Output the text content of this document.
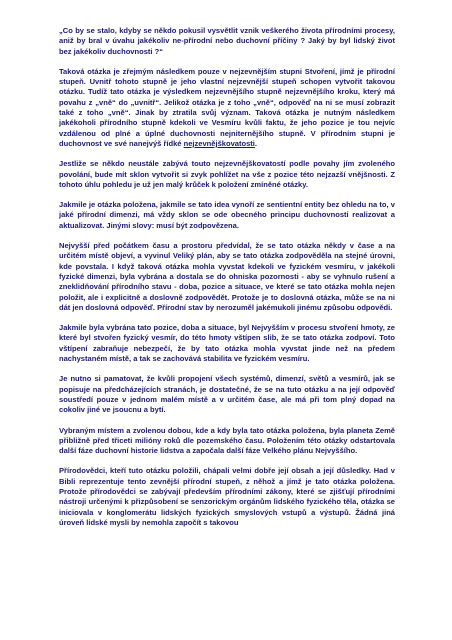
„Co by se stalo, kdyby se někdo pokusil vysvětlit vznik veškerého života přírodními procesy, aniž by bral v úvahu jakékoliv ne-přírodní nebo duchovní příčiny ? Jaký by byl lidský život bez jakékoliv duchovnosti ?“

Taková otázka je zřejmým následkem pouze v nejzevnějším stupni Stvoření, jímž je přírodní stupeň. Uvnitř tohoto stupně je jeho vlastní nejzevnější stupeň schopen vytvořit takovou otázku. Tudíž tato otázka je výsledkem nejzevnějšího stupně nejzevnějšího kroku, který má povahu z „vně“ do „uvnitř“. Jelikož otázka je z toho „vně“, odpověď na ni se musí zobrazit také z toho „vně“. Jinak by ztratila svůj význam. Taková otázka je nutným následkem jakékoholi přírodního stupně kdekoli ve Vesmíru kvůli faktu, že jeho pozice je tou nejvíc vzdálenou od plné a úplné duchovnosti nejniternějšího stupně. V přírodním stupni je duchovnost ve své nanejvýš řídké nejzevnějškovatosti.

Jestliže se někdo neustále zabývá touto nejzevnějškovatostí podle povahy jím zvoleného povolání, bude mít sklon vytvořit si zvyk pohlížet na vše z pozice této nejzazší vnějšnosti. Z tohoto úhlu pohledu je už jen malý krůček k položení zmíněné otázky.

Jakmile je otázka položena, jakmile se tato idea vynoří ze sentientní entity bez ohledu na to, v jaké přírodní dimenzi, má vždy sklon se ode obecného principu duchovnosti realizovat a aktualizovat. Jinými slovy: musí být zodpovězena.

Nejvyšší před počátkem času a prostoru předvídal, že se tato otázka někdy v čase a na určitém místě objeví, a vyvinul Veliký plán, aby se tato otázka zodpověděla na stejné úrovni, kde povstala. I když taková otázka mohla vyvstat kdekoli ve fyzickém vesmíru, v jakékoli fyzické dimenzi, byla vybrána a dostala se do ohniska pozornosti - aby se vyhnulo rušení a zneklidňování přírodního stavu - doba, pozice a situace, ve které se tato otázka mohla nejen položit, ale i explicitně a doslovně zodpovědět. Protože je to doslovná otázka, může se na ni dát jen doslovná odpověď. Přírodní stav by nerozuměl jakémukoli jinému způsobu odpovědi.

Jakmile byla vybrána tato pozice, doba a situace, byl Nejvyšším v procesu stvoření hmoty, ze které byl stvořen fyzický vesmír, do této hmoty vštípen slib, že se tato otázka zodpoví. Toto vštípení zabraňuje nebezpečí, že by tato otázka mohla vyvstat jinde než na předem nachystaném místě, a tak se zachovává stabilita ve fyzickém vesmíru.

Je nutno si pamatovat, že kvůli propojení všech systémů, dimenzí, světů a vesmírů, jak se popisuje na předcházejících stranách, je dostatečné, že se na tuto otázku a na její odpověď soustředí pouze v jednom malém místě a v určitém čase, ale má při tom plný dopad na cokoliv jiné ve jsoucnu a bytí.

Vybraným místem a zvolenou dobou, kde a kdy byla tato otázka položena, byla planeta Země přibližně před třiceti milióny roků dle pozemského času. Položením této otázky odstartovala další fáze duchovní historie lidstva a započala další fáze Velkého plánu Nejvyššího.

Přírodovědci, kteří tuto otázku položili, chápali velmi dobře její obsah a její důsledky. Had v Bibli reprezentuje tento zevnější přírodní stupeň, z něhož a jímž je tato otázka položena. Protože přírodovědci se zabývají především přírodními zákony, které se zjišťují přírodními nástroji určenými k přizpůsobení se senzorickým orgánům lidského fyzického těla, otázka se iniciovala v konglomerátu lidských fyzických smyslových vstupů a výstupů. Žádná jiná úroveň lidské mysli by nemohla započít s takovou
